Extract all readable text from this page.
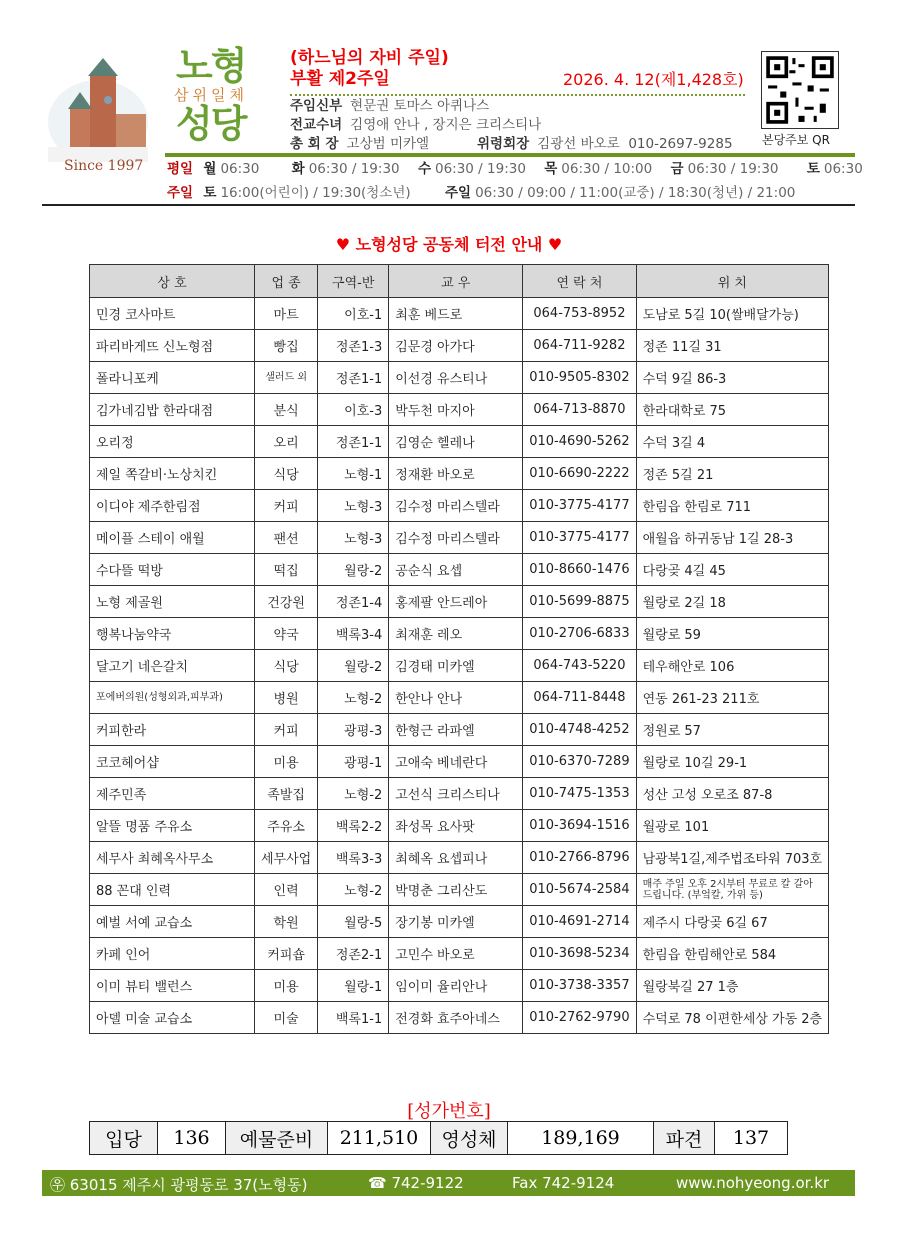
Since 1997
노형
삼위일체
성당
(하느님의 자비 주일)
부활 제2주일	2026. 4. 12(제1,428호)
주임신부 현문권 토마스 아퀴나스
전교수녀 김영애 안나 , 장지은 크리스티나
총 회 장 고상범 미카엘	위령회장 김광선 바오로 010-2697-9285 본당주보 QR
평일 월 06:30 화 06:30 / 19:30 수 06:30 / 19:30 목 06:30 / 10:00 금 06:30 / 19:30 토 06:30
주일 토 16:00(어린이) / 19:30(청소년)	주일 06:30 / 09:00 / 11:00(교중) / 18:30(청년) / 21:00
♥ 노형성당 공동체 터전 안내 ♥
상 호	업 종	구역-반	교 우	연 락 처	위 치
민경 코사마트	마트	이호-1	최훈 베드로	064-753-8952	도남로 5길 10(쌀배달가능)
파리바게뜨 신노형점	빵집	정존1-3	김문경 아가다	064-711-9282	정존 11길 31
폴라니포케	샐러드 외	정존1-1	이선경 유스티나	010-9505-8302	수덕 9길 86-3
김가네김밥 한라대점	분식	이호-3	박두천 마지아	064-713-8870	한라대학로 75
오리정	오리	정존1-1	김영순 헬레나	010-4690-5262	수덕 3길 4
제일 쪽갈비·노상치킨	식당	노형-1	정재환 바오로	010-6690-2222	정존 5길 21
이디야 제주한림점	커피	노형-3	김수정 마리스텔라	010-3775-4177	한림읍 한림로 711
메이플 스테이 애월	팬션	노형-3	김수정 마리스텔라	010-3775-4177	애월읍 하귀동남 1길 28-3
수다뜰 떡방	떡집	월랑-2	공순식 요셉	010-8660-1476	다랑곶 4길 45
노형 제골원	건강원	정존1-4	홍제팔 안드레아	010-5699-8875	월랑로 2길 18
행복나눔약국	약국	백록3-4	최재훈 레오	010-2706-6833	월랑로 59
달고기 네은갈치	식당	월랑-2	김경태 미카엘	064-743-5220	테우해안로 106
포에버의원(성형외과,피부과)	병원	노형-2	한안나 안나	064-711-8448	연동 261-23 211호
커피한라	커피	광평-3	한형근 라파엘	010-4748-4252	정원로 57
코코헤어샵	미용	광평-1	고애숙 베네란다	010-6370-7289	월랑로 10길 29-1
제주민족	족발집	노형-2	고선식 크리스티나	010-7475-1353	성산 고성 오로조 87-8
알뜰 명품 주유소	주유소	백록2-2	좌성목 요사팟	010-3694-1516	월광로 101
세무사 최혜옥사무소	세무사업	백록3-3	최혜옥 요셉피나	010-2766-8796	남광북1길,제주법조타워 703호
88 꼰대 인력	인력	노형-2	박명춘 그리산도	010-5674-2584	매주 주일 오후 2시부터 무료로 칼 갈아드립니다. (부엌칼, 가위 등)
예벌 서예 교습소	학원	월랑-5	장기봉 미카엘	010-4691-2714	제주시 다랑곶 6길 67
카페 인어	커피숍	정존2-1	고민수 바오로	010-3698-5234	한림읍 한림해안로 584
이미 뷰티 밸런스	미용	월랑-1	임이미 율리안나	010-3738-3357	월랑북길 27 1층
아델 미술 교습소	미술	백록1-1	전경화 효주아네스	010-2762-9790	수덕로 78 이편한세상 가동 2층
[성가번호]
입당	136	예물준비	211,510	영성체	189,169	파견	137
㉾ 63015 제주시 광평동로 37(노형동)	☎ 742-9122	Fax 742-9124	www.nohyeong.or.kr
